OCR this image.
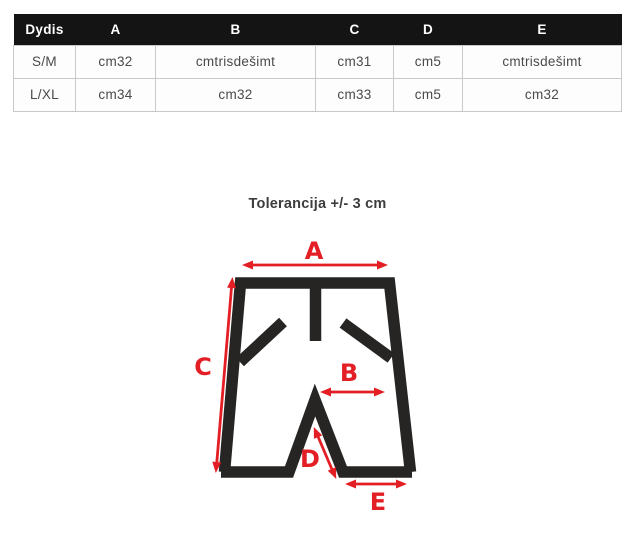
Dydis	A	B	C	D	E
S/M	cm32	cmtrisdešimt	cm31	cm5	cmtrisdešimt
L/XL	cm34	cm32	cm33	cm5	cm32
Tolerancija +/- 3 cm
A
C	B
D
E
